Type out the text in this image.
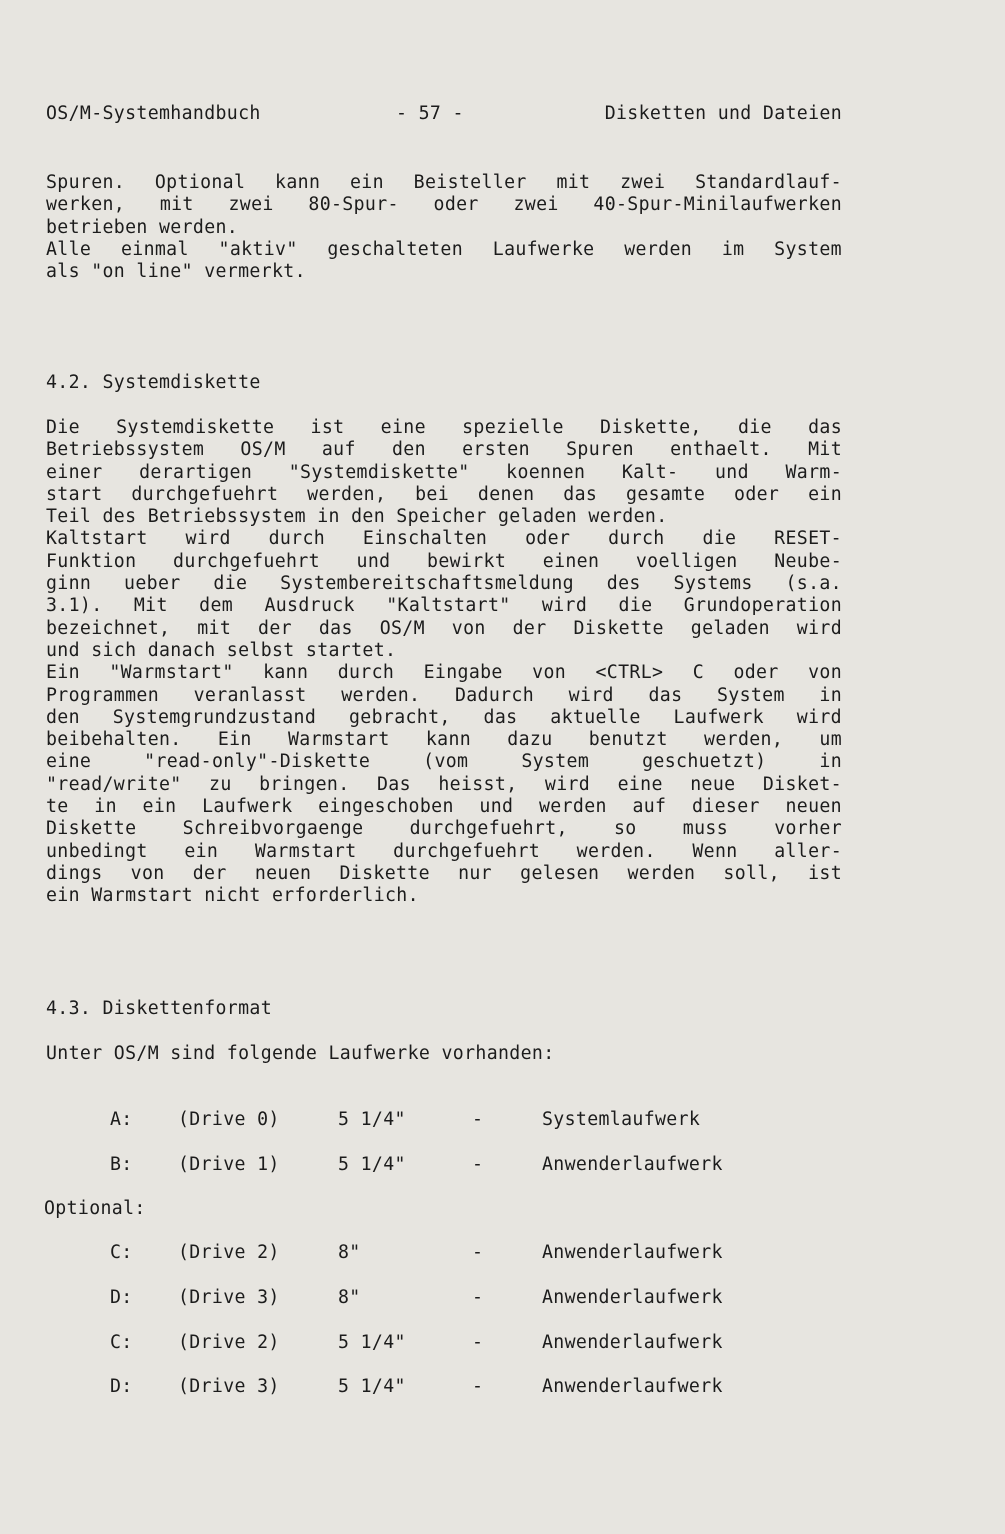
OS/M-Systemhandbuch	- 57 -	Disketten und Dateien
Spuren. Optional kann ein Beisteller mit zwei Standardlauf-
werken, mit zwei 80-Spur- oder zwei 40-Spur-Minilaufwerken
betrieben werden.
Alle einmal "aktiv" geschalteten Laufwerke werden im System
als "on line" vermerkt.
4.2. Systemdiskette
Die Systemdiskette ist eine spezielle Diskette, die das
Betriebssystem OS/M auf den ersten Spuren enthaelt. Mit
einer derartigen "Systemdiskette" koennen Kalt- und Warm-
start durchgefuehrt werden, bei denen das gesamte oder ein
Teil des Betriebssystem in den Speicher geladen werden.
Kaltstart wird durch Einschalten oder durch die RESET-
Funktion durchgefuehrt und bewirkt einen voelligen Neube-
ginn ueber die Systembereitschaftsmeldung des Systems (s.a.
3.1). Mit dem Ausdruck "Kaltstart" wird die Grundoperation
bezeichnet, mit der das OS/M von der Diskette geladen wird
und sich danach selbst startet.
Ein "Warmstart" kann durch Eingabe von <CTRL> C oder von
Programmen veranlasst werden. Dadurch wird das System in
den Systemgrundzustand gebracht, das aktuelle Laufwerk wird
beibehalten. Ein Warmstart kann dazu benutzt werden, um
eine "read-only"-Diskette (vom System geschuetzt) in
"read/write" zu bringen. Das heisst, wird eine neue Disket-
te in ein Laufwerk eingeschoben und werden auf dieser neuen
Diskette Schreibvorgaenge durchgefuehrt, so muss vorher
unbedingt ein Warmstart durchgefuehrt werden. Wenn aller-
dings von der neuen Diskette nur gelesen werden soll, ist
ein Warmstart nicht erforderlich.
4.3. Diskettenformat
Unter OS/M sind folgende Laufwerke vorhanden:
A: (Drive 0)	5 1/4"	-	Systemlaufwerk
B: (Drive 1)	5 1/4"	-	Anwenderlaufwerk
Optional:
C: (Drive 2)	8"	-	Anwenderlaufwerk
D: (Drive 3)	8"	-	Anwenderlaufwerk
C: (Drive 2)	5 1/4"	-	Anwenderlaufwerk
D: (Drive 3)	5 1/4"	-	Anwenderlaufwerk
